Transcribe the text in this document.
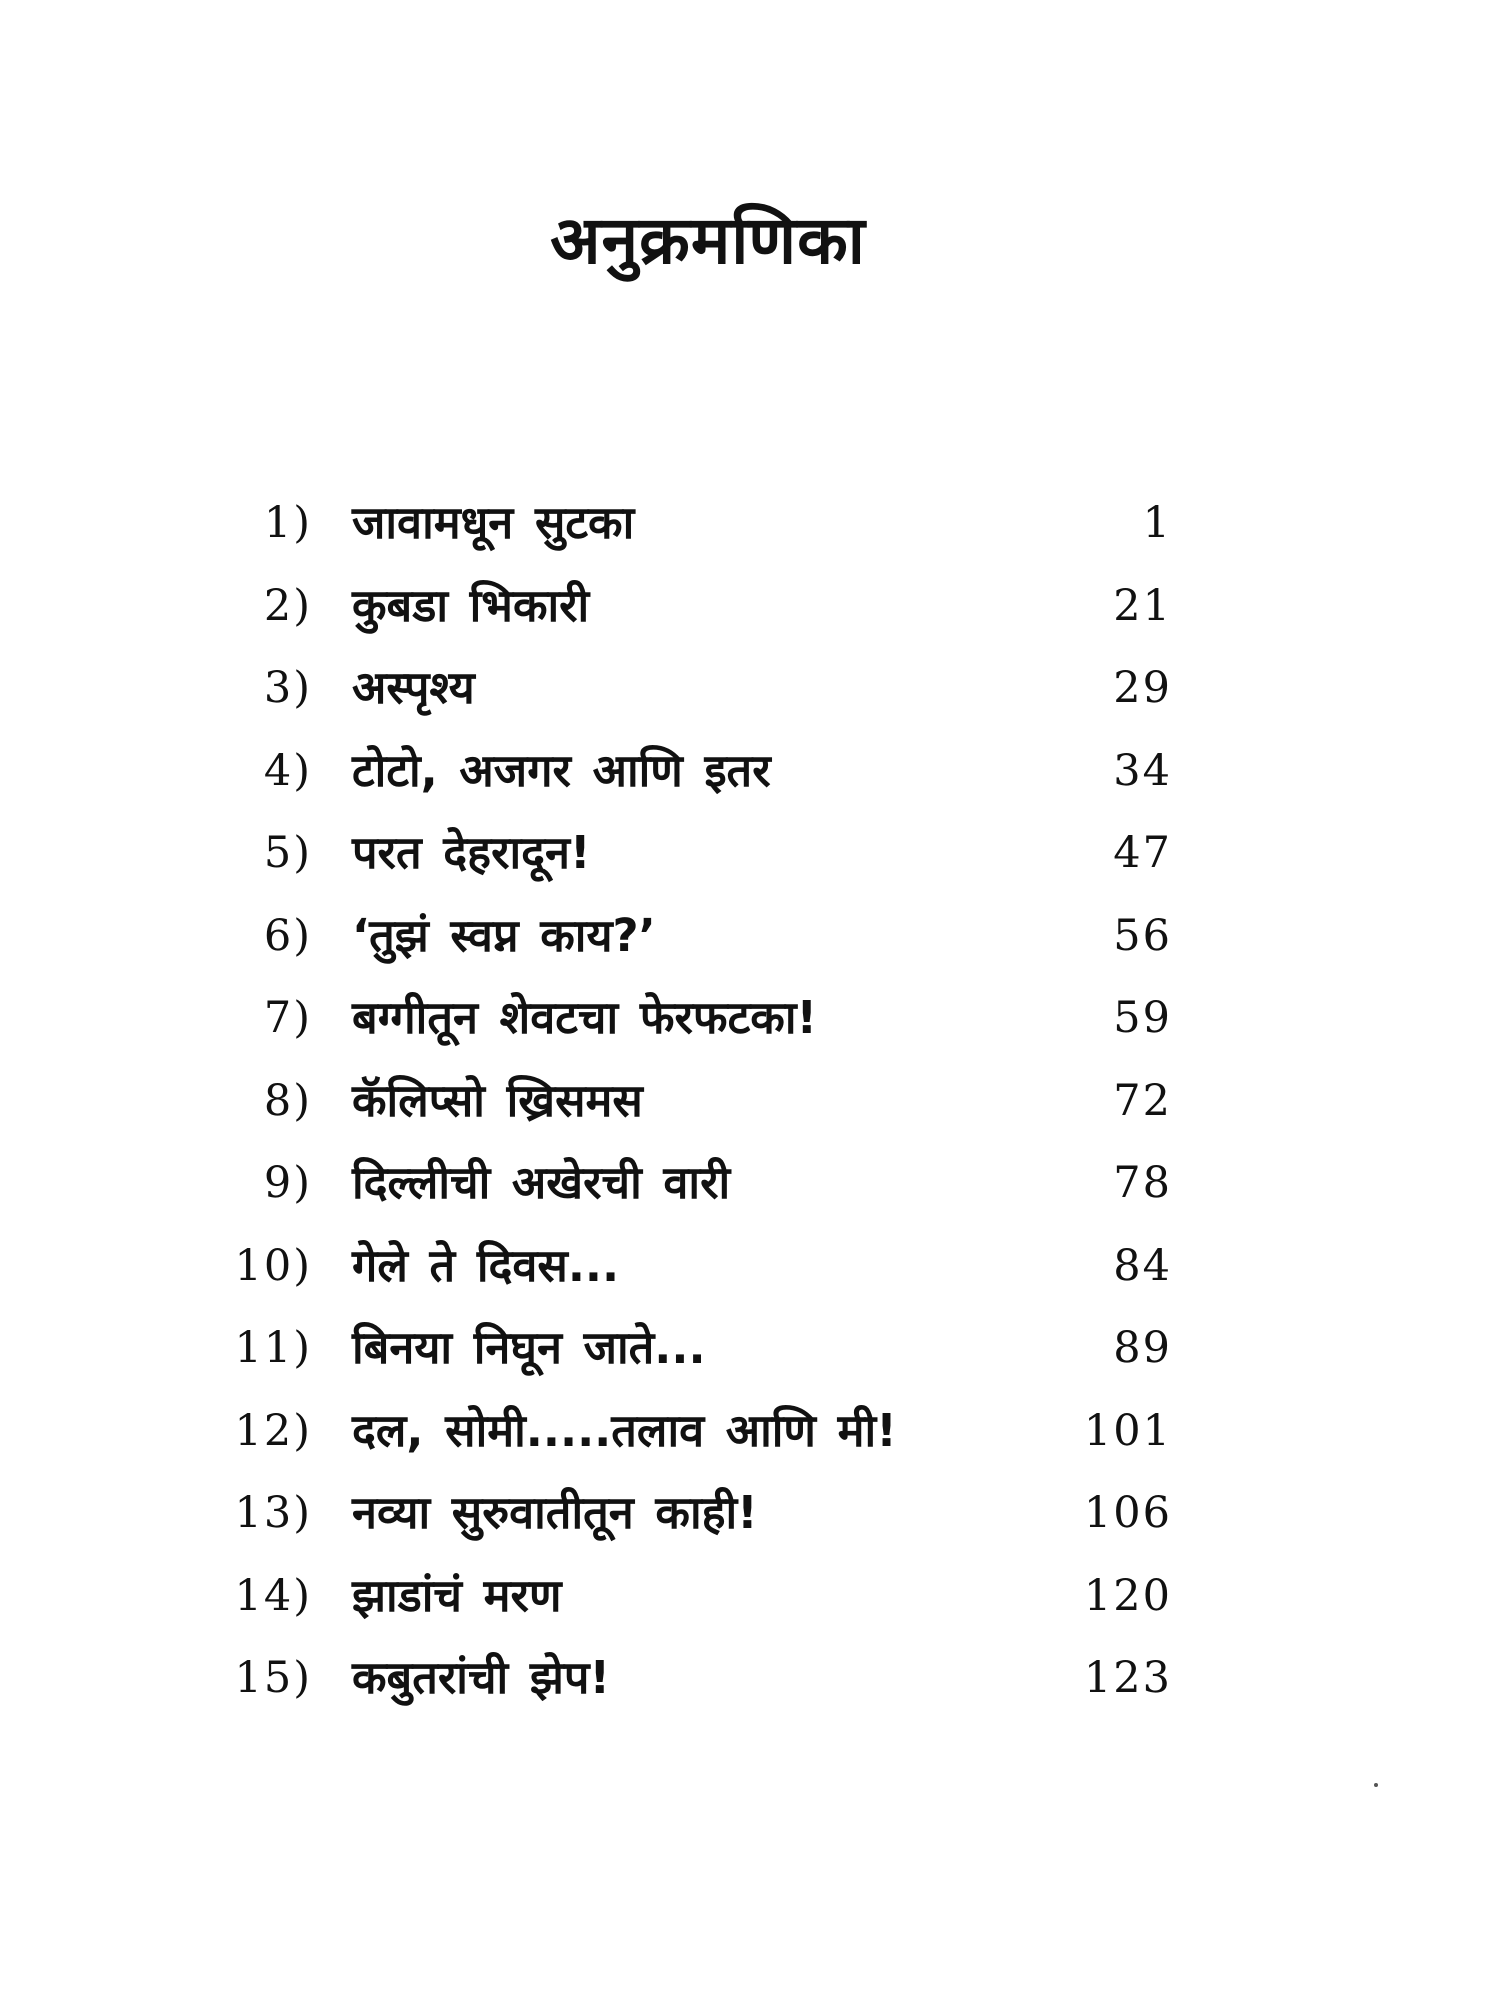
अनुक्रमणिका
1) जावामधून सुटका	1
2) कुबडा भिकारी	21
3) अस्पृश्य	29
4) टोटो, अजगर आणि इतर	34
5) परत देहरादून!	47
6) ‘तुझं स्वप्न काय?’	56
7) बग्गीतून शेवटचा फेरफटका!	59
8) कॅलिप्सो ख्रिसमस	72
9) दिल्लीची अखेरची वारी	78
10) गेले ते दिवस...	84
11) बिनया निघून जाते...	89
12) दल, सोमी.....तलाव आणि मी!	101
13) नव्या सुरुवातीतून काही!	106
14) झाडांचं मरण	120
15) कबुतरांची झेप!	123
